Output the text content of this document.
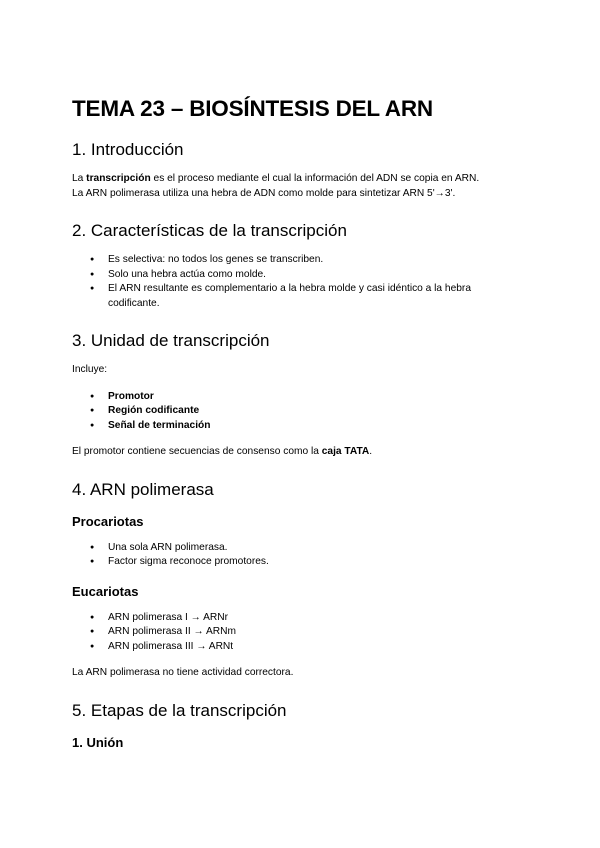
TEMA 23 – BIOSÍNTESIS DEL ARN
1. Introducción

La transcripción es el proceso mediante el cual la información del ADN se copia en ARN.

La ARN polimerasa utiliza una hebra de ADN como molde para sintetizar ARN 5'→3'.

2. Características de la transcripción
● Es selectiva: no todos los genes se transcriben.
● Solo una hebra actúa como molde.
● El ARN resultante es complementario a la hebra molde y casi idéntico a la hebra codificante.
3. Unidad de transcripción

Incluye:

● Promotor
● Región codificante
● Señal de terminación

El promotor contiene secuencias de consenso como la caja TATA.

4. ARN polimerasa
Procariotas
● Una sola ARN polimerasa.
● Factor sigma reconoce promotores.
Eucariotas
● ARN polimerasa I → ARNr
● ARN polimerasa II → ARNm
● ARN polimerasa III → ARNt

La ARN polimerasa no tiene actividad correctora.

5. Etapas de la transcripción
1. Unión
